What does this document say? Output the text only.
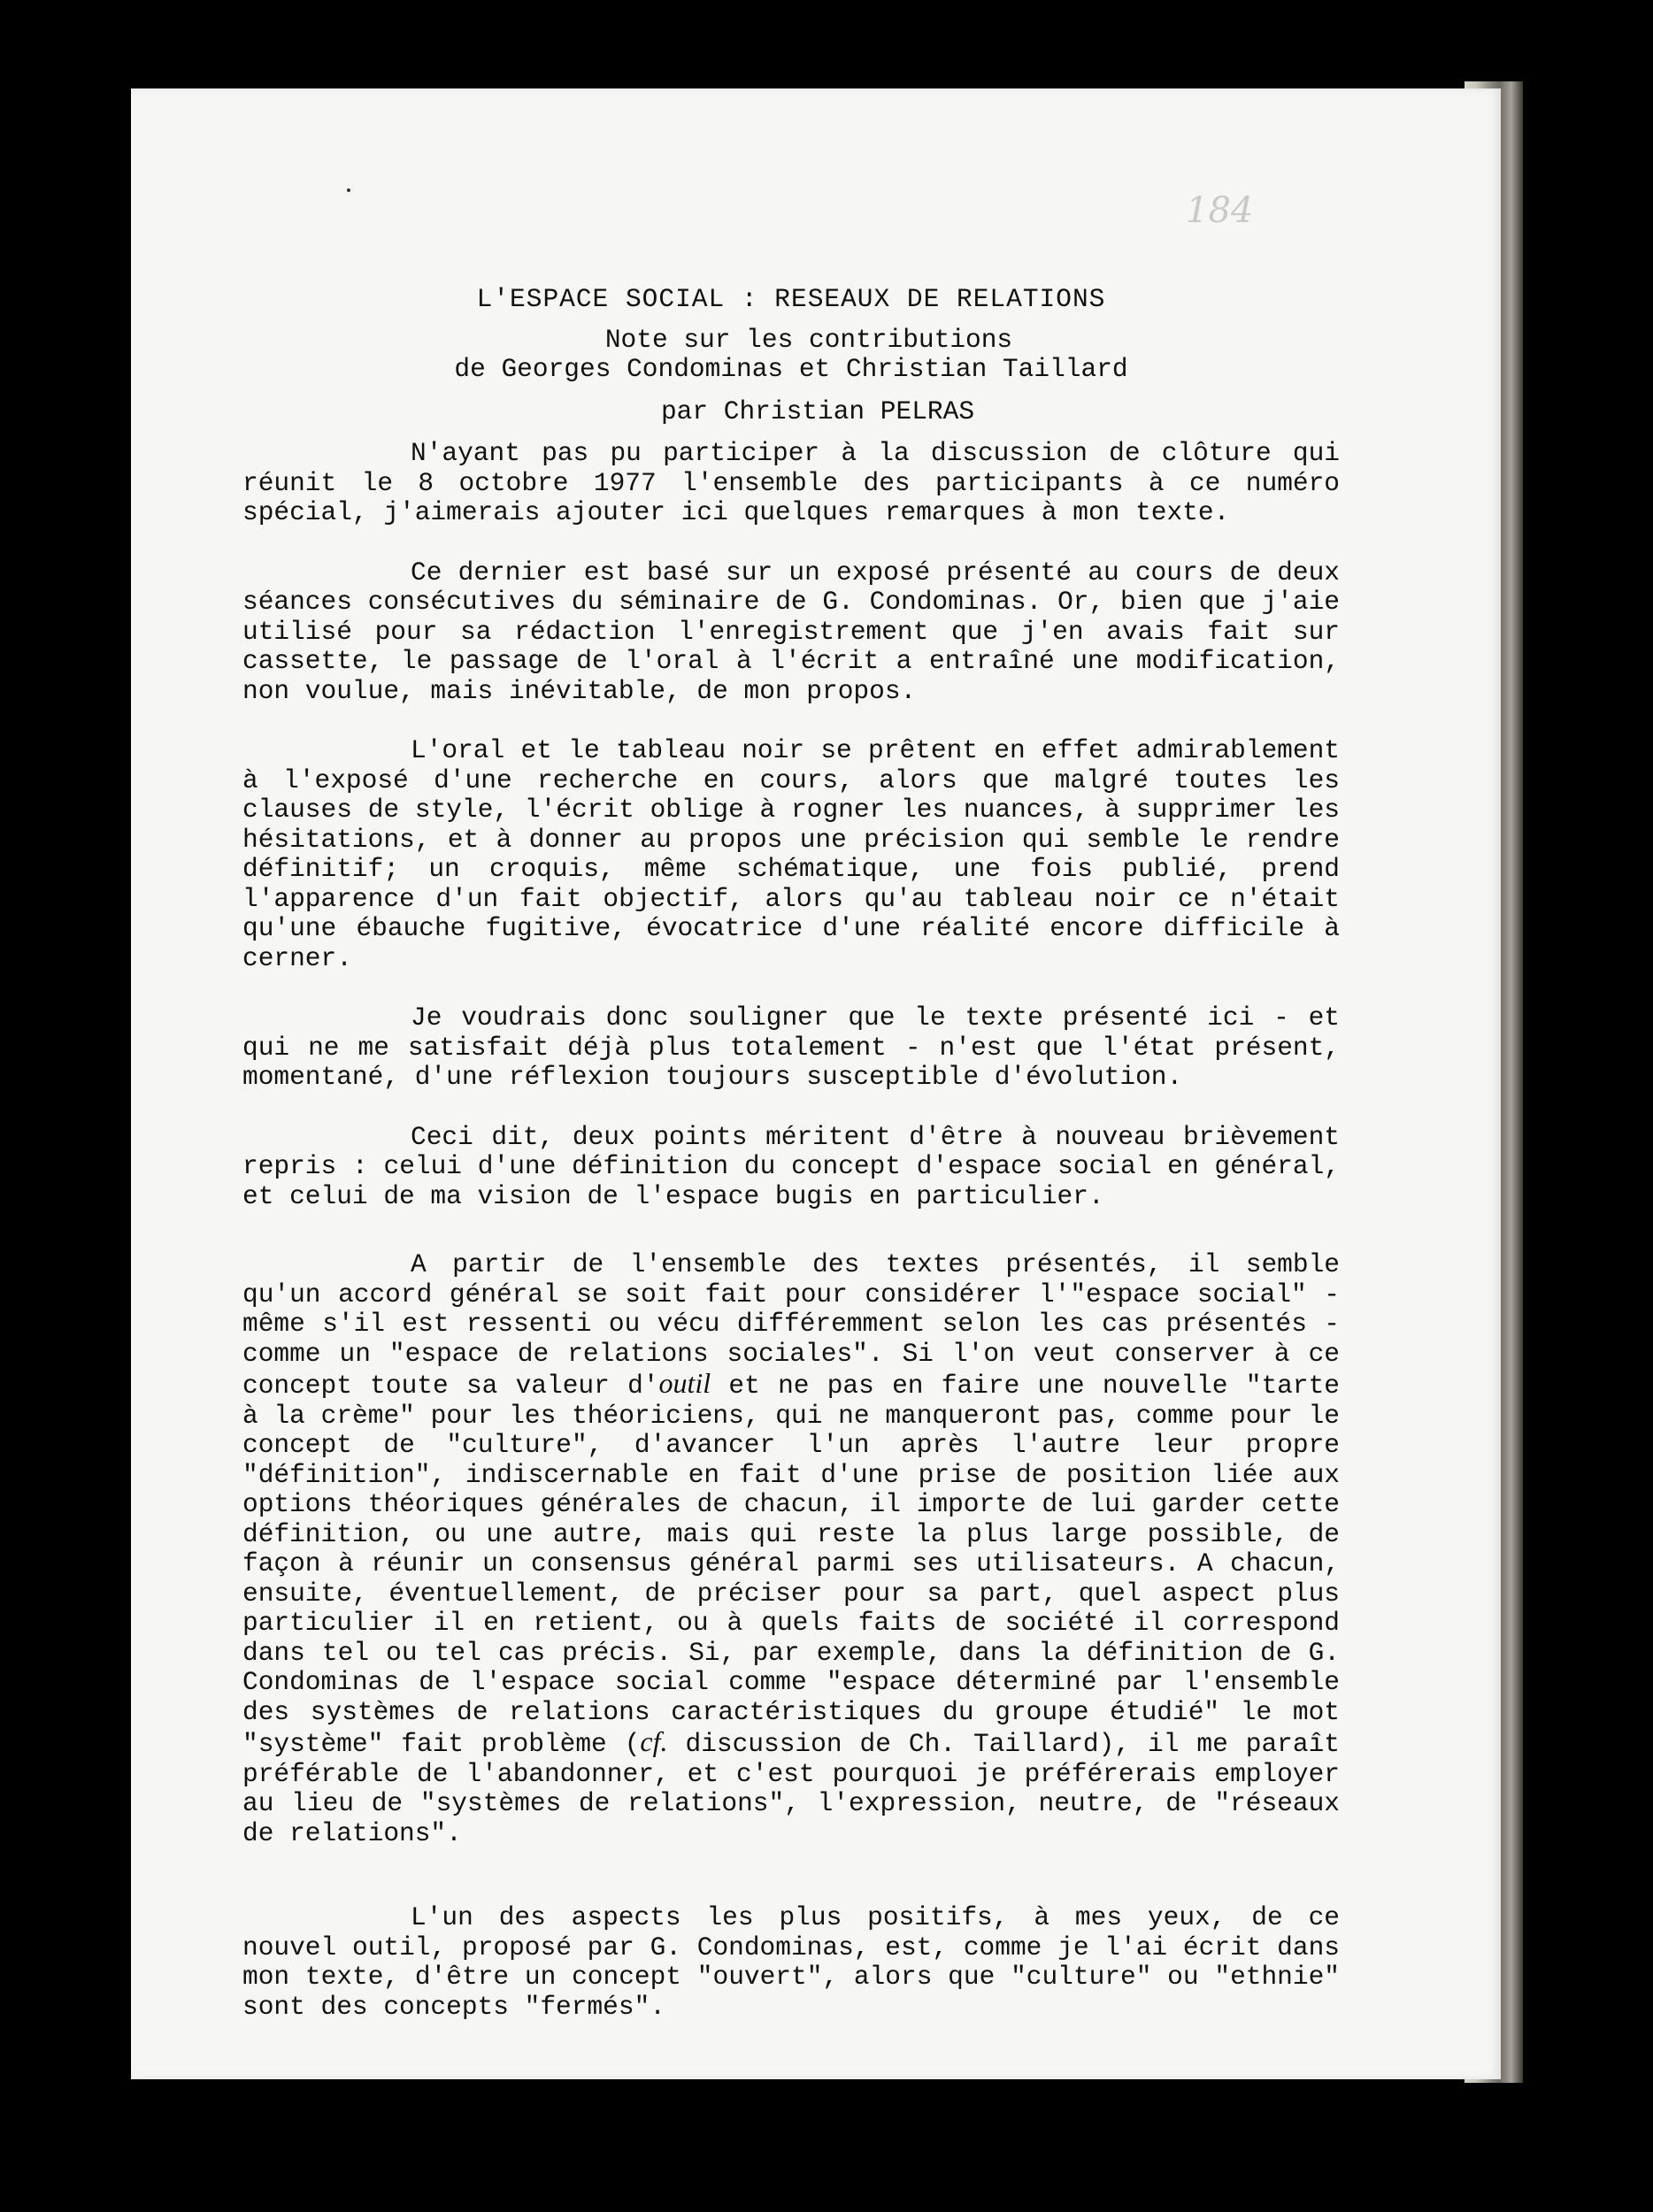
184
L'ESPACE SOCIAL : RESEAUX DE RELATIONS

Note sur les contributions

de Georges Condominas et Christian Taillard

par Christian PELRAS

N'ayant pas pu participer à la discussion de clôture qui réunit le 8 octobre 1977 l'ensemble des participants à ce numéro spécial, j'aimerais ajouter ici quelques remarques à mon texte.

Ce dernier est basé sur un exposé présenté au cours de deux séances consécutives du séminaire de G. Condominas. Or, bien que j'aie utilisé pour sa rédaction l'enregistrement que j'en avais fait sur cassette, le passage de l'oral à l'écrit a entraîné une modification, non voulue, mais inévitable, de mon propos.

L'oral et le tableau noir se prêtent en effet admirablement à l'exposé d'une recherche en cours, alors que malgré toutes les clauses de style, l'écrit oblige à rogner les nuances, à supprimer les hésitations, et à donner au propos une précision qui semble le rendre définitif; un croquis, même schématique, une fois publié, prend l'apparence d'un fait objectif, alors qu'au tableau noir ce n'était qu'une ébauche fugitive, évocatrice d'une réalité encore difficile à cerner.

Je voudrais donc souligner que le texte présenté ici - et qui ne me satisfait déjà plus totalement - n'est que l'état présent, momentané, d'une réflexion toujours susceptible d'évolution.

Ceci dit, deux points méritent d'être à nouveau brièvement repris : celui d'une définition du concept d'espace social en général, et celui de ma vision de l'espace bugis en particulier.

A partir de l'ensemble des textes présentés, il semble qu'un accord général se soit fait pour considérer l'"espace social" - même s'il est ressenti ou vécu différemment selon les cas présentés - comme un "espace de relations sociales". Si l'on veut conserver à ce concept toute sa valeur d'outil et ne pas en faire une nouvelle "tarte à la crème" pour les théoriciens, qui ne manqueront pas, comme pour le concept de "culture", d'avancer l'un après l'autre leur propre "définition", indiscernable en fait d'une prise de position liée aux options théoriques générales de chacun, il importe de lui garder cette définition, ou une autre, mais qui reste la plus large possible, de façon à réunir un consensus général parmi ses utilisateurs. A chacun, ensuite, éventuellement, de préciser pour sa part, quel aspect plus particulier il en retient, ou à quels faits de société il correspond dans tel ou tel cas précis. Si, par exemple, dans la définition de G. Condominas de l'espace social comme "espace déterminé par l'ensemble des systèmes de relations caractéristiques du groupe étudié" le mot "système" fait problème (cf. discussion de Ch. Taillard), il me paraît préférable de l'abandonner, et c'est pourquoi je préférerais employer au lieu de "systèmes de relations", l'expression, neutre, de "réseaux de relations".

L'un des aspects les plus positifs, à mes yeux, de ce nouvel outil, proposé par G. Condominas, est, comme je l'ai écrit dans mon texte, d'être un concept "ouvert", alors que "culture" ou "ethnie" sont des concepts "fermés".
